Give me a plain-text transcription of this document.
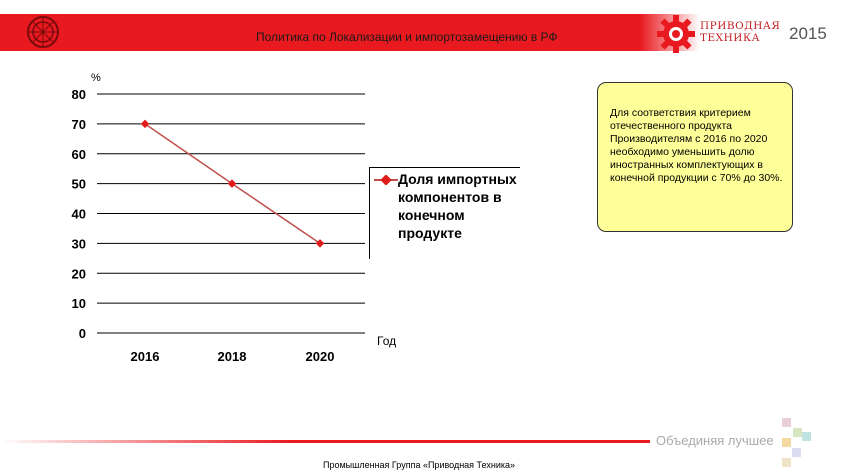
Политика по Локализации и импортозамещению в РФ
ПРИВОДНАЯ
ТЕХНИКА	2015
%
0
10
20
30
40
50
60
70
80
2016	2018	2020
Доля импортных компонентов в конечном продукте
Год
Для соответствия критерием отечественного продукта Производителям с 2016 по 2020 необходимо уменьшить долю иностранных комплектующих в конечной продукции с 70% до 30%.
Объединяя лучшее
Промышленная Группа «Приводная Техника»
